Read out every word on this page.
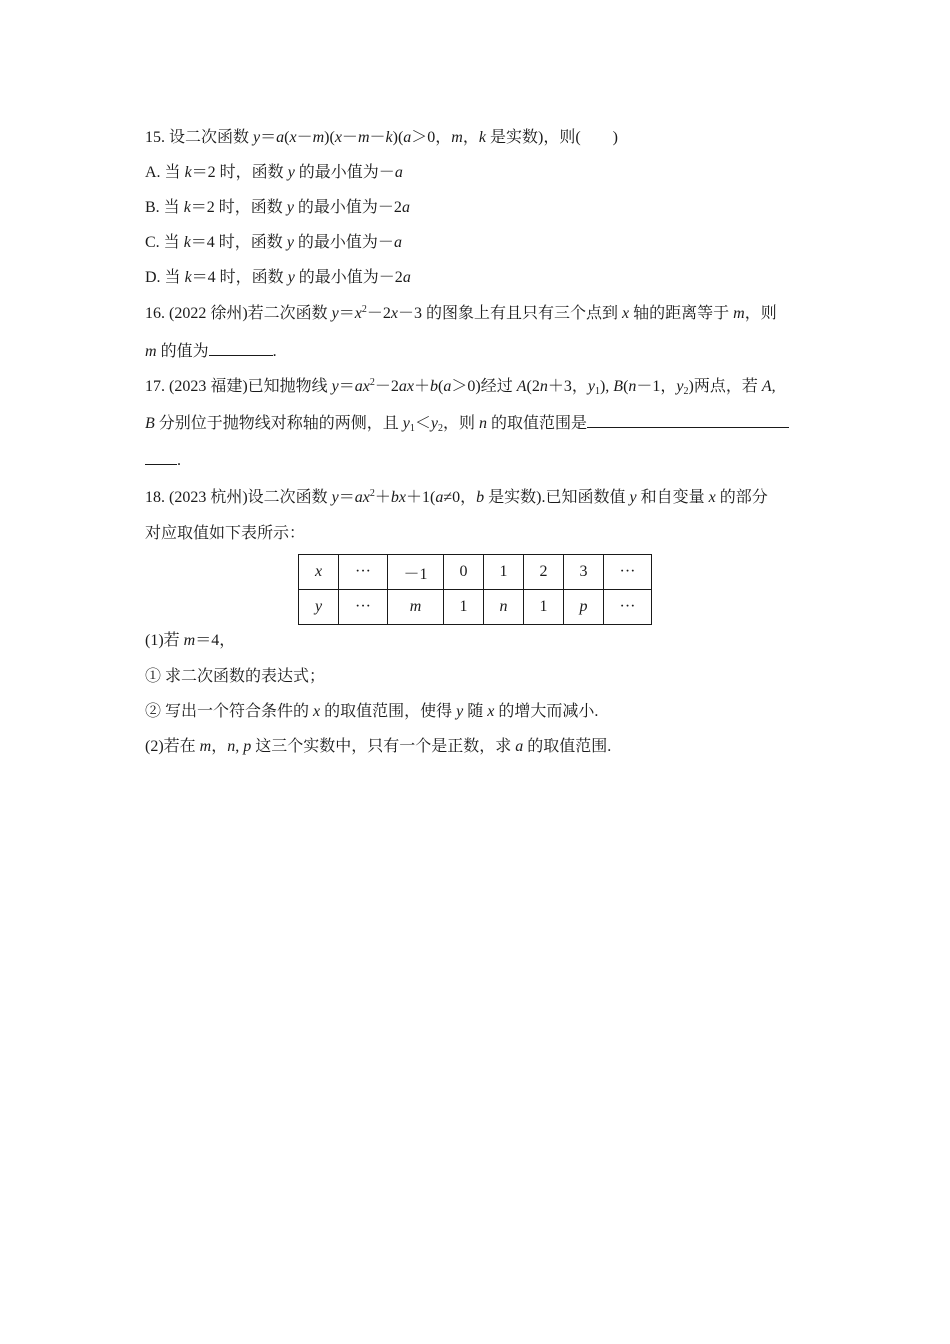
15. 设二次函数 y＝a(x－m)(x－m－k)(a＞0，m，k 是实数)，则(　　)
A. 当 k＝2 时，函数 y 的最小值为－a
B. 当 k＝2 时，函数 y 的最小值为－2a
C. 当 k＝4 时，函数 y 的最小值为－a
D. 当 k＝4 时，函数 y 的最小值为－2a
16. (2022 徐州)若二次函数 $y=x^2-2x-3$ 的图象上有且只有三个点到 x 轴的距离等于 m，则
m 的值为	.
17. (2023 福建)已知抛物线 $y=ax^2-2ax+b(a>0)$经过 A(2n＋3，$y_1$), B(n－1，$y_2$)两点，若 A,
B 分别位于抛物线对称轴的两侧，且 $y_1<y_2$，则 n 的取值范围是
.
18. (2023 杭州)设二次函数 $y=ax^2+bx+1(a\ne 0$，b 是实数).已知函数值 y 和自变量 x 的部分
对应取值如下表所示：
x	···	－1	0	1	2	3	···
y	···	m	1	n	1	p	···
(1)若 m＝4，
① 求二次函数的表达式；
② 写出一个符合条件的 x 的取值范围，使得 y 随 x 的增大而减小.
(2)若在 m，n, p 这三个实数中，只有一个是正数，求 a 的取值范围.
